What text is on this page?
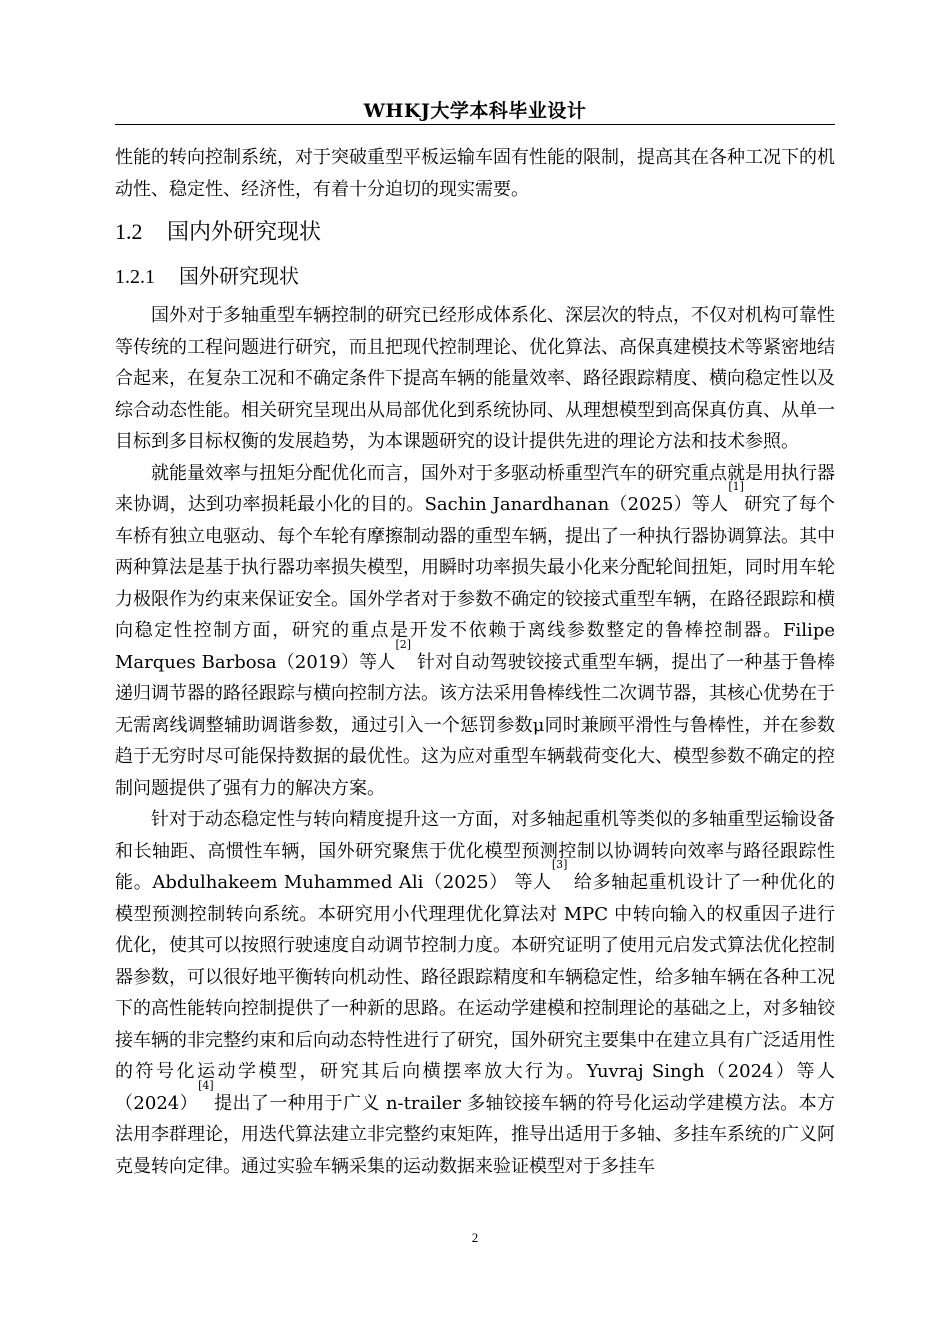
WHKJ大学本科毕业设计

性能的转向控制系统，对于突破重型平板运输车固有性能的限制，提高其在各种工况下的机动性、稳定性、经济性，有着十分迫切的现实需要。

1.2 国内外研究现状
1.2.1 国外研究现状

国外对于多轴重型车辆控制的研究已经形成体系化、深层次的特点，不仅对机构可靠性等传统的工程问题进行研究，而且把现代控制理论、优化算法、高保真建模技术等紧密地结合起来，在复杂工况和不确定条件下提高车辆的能量效率、路径跟踪精度、横向稳定性以及综合动态性能。相关研究呈现出从局部优化到系统协同、从理想模型到高保真仿真、从单一目标到多目标权衡的发展趋势，为本课题研究的设计提供先进的理论方法和技术参照。

就能量效率与扭矩分配优化而言，国外对于多驱动桥重型汽车的研究重点就是用执行器来协调，达到功率损耗最小化的目的。Sachin Janardhanan（2025）等人[1]研究了每个车桥有独立电驱动、每个车轮有摩擦制动器的重型车辆，提出了一种执行器协调算法。其中两种算法是基于执行器功率损失模型，用瞬时功率损失最小化来分配轮间扭矩，同时用车轮力极限作为约束来保证安全。国外学者对于参数不确定的铰接式重型车辆，在路径跟踪和横向稳定性控制方面，研究的重点是开发不依赖于离线参数整定的鲁棒控制器。Filipe Marques Barbosa（2019）等人[2] 针对自动驾驶铰接式重型车辆，提出了一种基于鲁棒递归调节器的路径跟踪与横向控制方法。该方法采用鲁棒线性二次调节器，其核心优势在于无需离线调整辅助调谐参数，通过引入一个惩罚参数μ同时兼顾平滑性与鲁棒性，并在参数趋于无穷时尽可能保持数据的最优性。这为应对重型车辆载荷变化大、模型参数不确定的控制问题提供了强有力的解决方案。

针对于动态稳定性与转向精度提升这一方面，对多轴起重机等类似的多轴重型运输设备和长轴距、高惯性车辆，国外研究聚焦于优化模型预测控制以协调转向效率与路径跟踪性能。Abdulhakeem Muhammed Ali（2025） 等人[3] 给多轴起重机设计了一种优化的模型预测控制转向系统。本研究用小代理理优化算法对 MPC 中转向输入的权重因子进行优化，使其可以按照行驶速度自动调节控制力度。本研究证明了使用元启发式算法优化控制器参数，可以很好地平衡转向机动性、路径跟踪精度和车辆稳定性，给多轴车辆在各种工况下的高性能转向控制提供了一种新的思路。在运动学建模和控制理论的基础之上，对多轴铰接车辆的非完整约束和后向动态特性进行了研究，国外研究主要集中在建立具有广泛适用性的符号化运动学模型，研究其后向横摆率放大行为。Yuvraj Singh（2024）等人（2024）[4]提出了一种用于广义 n-trailer 多轴铰接车辆的符号化运动学建模方法。本方法用李群理论，用迭代算法建立非完整约束矩阵，推导出适用于多轴、多挂车系统的广义阿克曼转向定律。通过实验车辆采集的运动数据来验证模型对于多挂车

2
